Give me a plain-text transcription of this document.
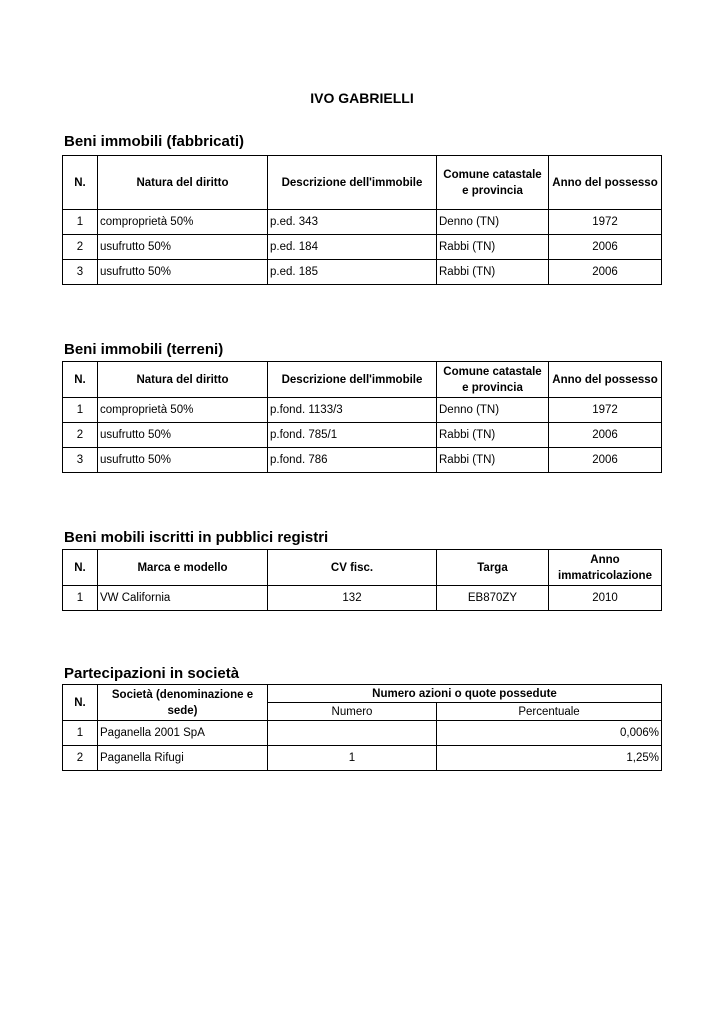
IVO GABRIELLI
Beni immobili (fabbricati)
N.	Natura del diritto	Descrizione dell'immobile	Comune catastale e provincia	Anno del possesso
1	comproprietà 50%	p.ed. 343	Denno (TN)	1972
2	usufrutto 50%	p.ed. 184	Rabbi (TN)	2006
3	usufrutto 50%	p.ed. 185	Rabbi (TN)	2006
Beni immobili (terreni)
N.	Natura del diritto	Descrizione dell'immobile	Comune catastale e provincia	Anno del possesso
1	comproprietà 50%	p.fond. 1133/3	Denno (TN)	1972
2	usufrutto 50%	p.fond. 785/1	Rabbi (TN)	2006
3	usufrutto 50%	p.fond. 786	Rabbi (TN)	2006
Beni mobili iscritti in pubblici registri
N.	Marca e modello	CV fisc.	Targa	Anno immatricolazione
1	VW California	132	EB870ZY	2010
Partecipazioni in società
N.	Società (denominazione e sede)	Numero azioni o quote possedute	
		Numero	Percentuale
1	Paganella 2001 SpA		0,006%
2	Paganella Rifugi	1	1,25%
